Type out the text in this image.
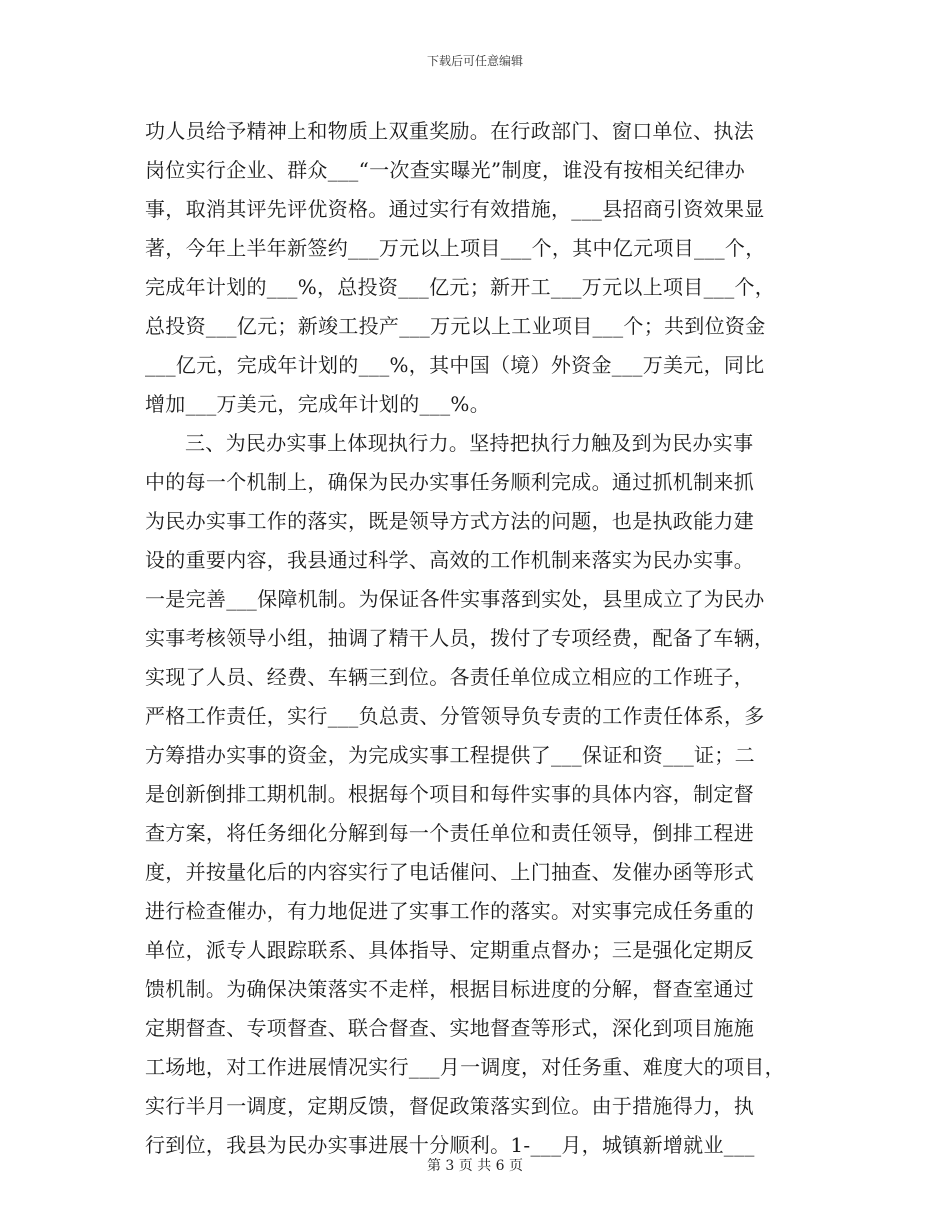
下载后可任意编辑
功人员给予精神上和物质上双重奖励。在行政部门、窗口单位、执法
岗位实行企业、群众___“一次查实曝光”制度，谁没有按相关纪律办
事，取消其评先评优资格。通过实行有效措施，___县招商引资效果显
著，今年上半年新签约___万元以上项目___个，其中亿元项目___个，
完成年计划的___%，总投资___亿元；新开工___万元以上项目___个，
总投资___亿元；新竣工投产___万元以上工业项目___个；共到位资金
___亿元，完成年计划的___%，其中国（境）外资金___万美元，同比
增加___万美元，完成年计划的___%。
三、为民办实事上体现执行力。坚持把执行力触及到为民办实事
中的每一个机制上，确保为民办实事任务顺利完成。通过抓机制来抓
为民办实事工作的落实，既是领导方式方法的问题，也是执政能力建
设的重要内容，我县通过科学、高效的工作机制来落实为民办实事。
一是完善___保障机制。为保证各件实事落到实处，县里成立了为民办
实事考核领导小组，抽调了精干人员，拨付了专项经费，配备了车辆，
实现了人员、经费、车辆三到位。各责任单位成立相应的工作班子，
严格工作责任，实行___负总责、分管领导负专责的工作责任体系，多
方筹措办实事的资金，为完成实事工程提供了___保证和资___证；二
是创新倒排工期机制。根据每个项目和每件实事的具体内容，制定督
查方案，将任务细化分解到每一个责任单位和责任领导，倒排工程进
度，并按量化后的内容实行了电话催问、上门抽查、发催办函等形式
进行检查催办，有力地促进了实事工作的落实。对实事完成任务重的
单位，派专人跟踪联系、具体指导、定期重点督办；三是强化定期反
馈机制。为确保决策落实不走样，根据目标进度的分解，督查室通过
定期督查、专项督查、联合督查、实地督查等形式，深化到项目施施
工场地，对工作进展情况实行___月一调度，对任务重、难度大的项目，
实行半月一调度，定期反馈，督促政策落实到位。由于措施得力，执
行到位，我县为民办实事进展十分顺利。1-___月，城镇新增就业___
第 3 页 共 6 页
